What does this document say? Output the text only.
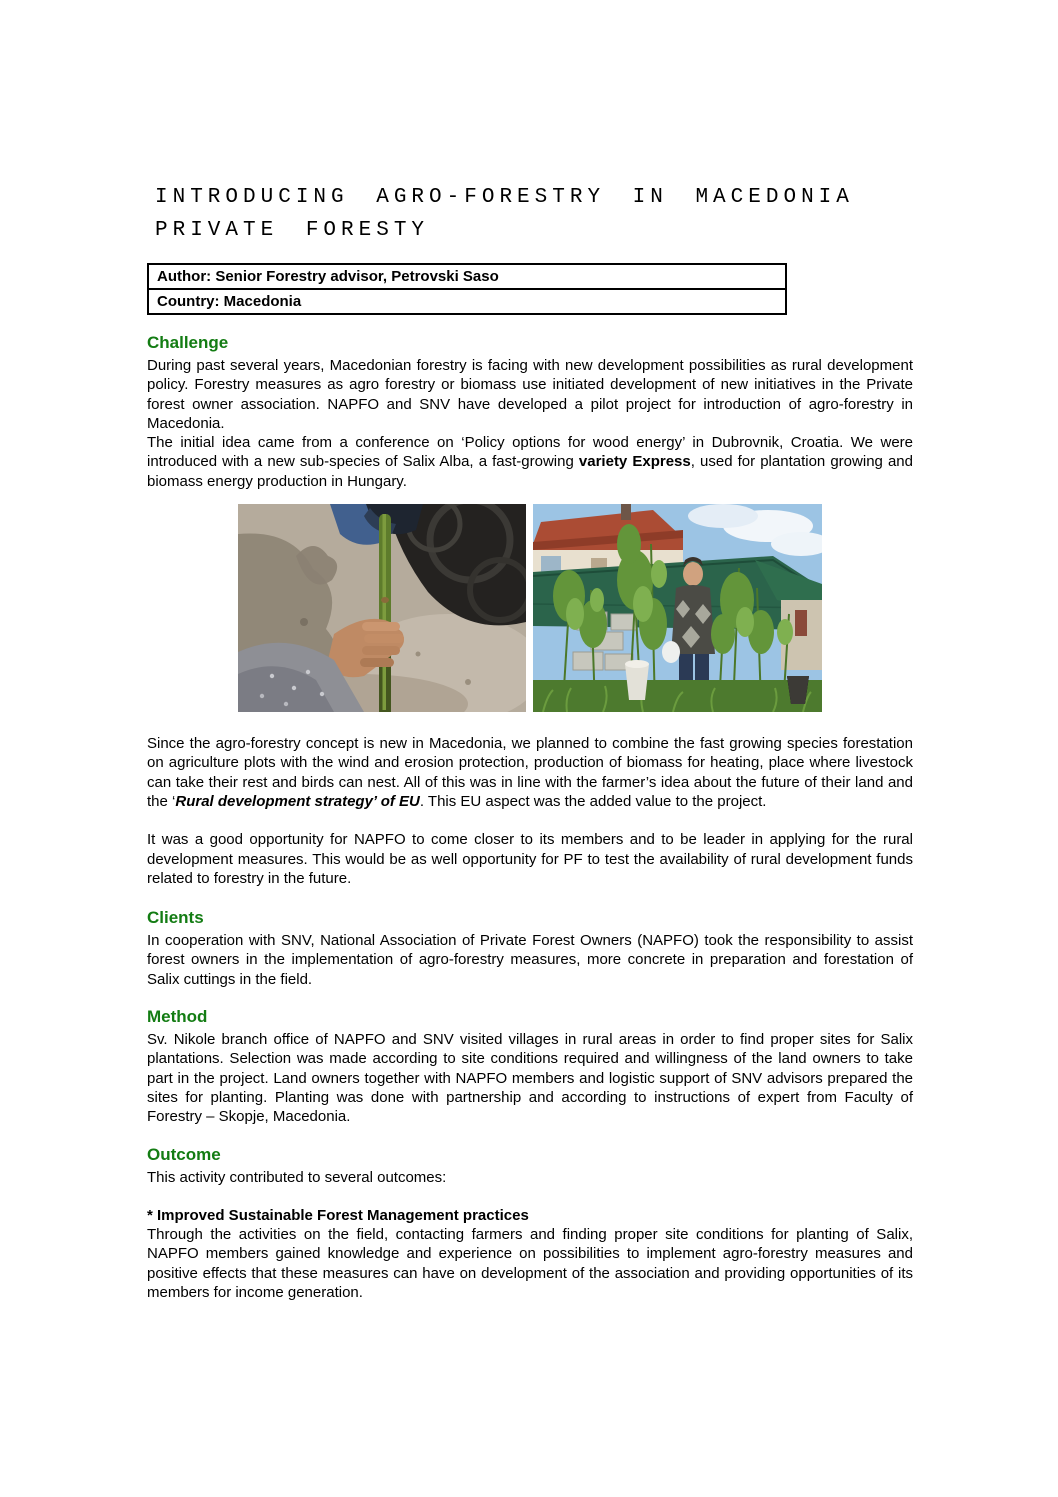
INTRODUCING AGRO-FORESTRY IN MACEDONIA
PRIVATE FORESTY
Author: Senior Forestry advisor, Petrovski Saso
Country: Macedonia
Challenge

During past several years, Macedonian forestry is facing with new development possibilities as rural development policy. Forestry measures as agro forestry or biomass use initiated development of new initiatives in the Private forest owner association. NAPFO and SNV have developed a pilot project for introduction of agro-forestry in Macedonia.

The initial idea came from a conference on ‘Policy options for wood energy’ in Dubrovnik, Croatia. We were introduced with a new sub-species of Salix Alba, a fast-growing variety Express, used for plantation growing and biomass energy production in Hungary.

Since the agro-forestry concept is new in Macedonia, we planned to combine the fast growing species forestation on agriculture plots with the wind and erosion protection, production of biomass for heating, place where livestock can take their rest and birds can nest. All of this was in line with the farmer’s idea about the future of their land and the ‘Rural development strategy’ of EU. This EU aspect was the added value to the project.

It was a good opportunity for NAPFO to come closer to its members and to be leader in applying for the rural development measures. This would be as well opportunity for PF to test the availability of rural development funds related to forestry in the future.

Clients

In cooperation with SNV, National Association of Private Forest Owners (NAPFO) took the responsibility to assist forest owners in the implementation of agro-forestry measures, more concrete in preparation and forestation of Salix cuttings in the field.

Method

Sv. Nikole branch office of NAPFO and SNV visited villages in rural areas in order to find proper sites for Salix plantations. Selection was made according to site conditions required and willingness of the land owners to take part in the project. Land owners together with NAPFO members and logistic support of SNV advisors prepared the sites for planting. Planting was done with partnership and according to instructions of expert from Faculty of Forestry – Skopje, Macedonia.

Outcome

This activity contributed to several outcomes:

* Improved Sustainable Forest Management practices

Through the activities on the field, contacting farmers and finding proper site conditions for planting of Salix, NAPFO members gained knowledge and experience on possibilities to implement agro-forestry measures and positive effects that these measures can have on development of the association and providing opportunities of its members for income generation.
